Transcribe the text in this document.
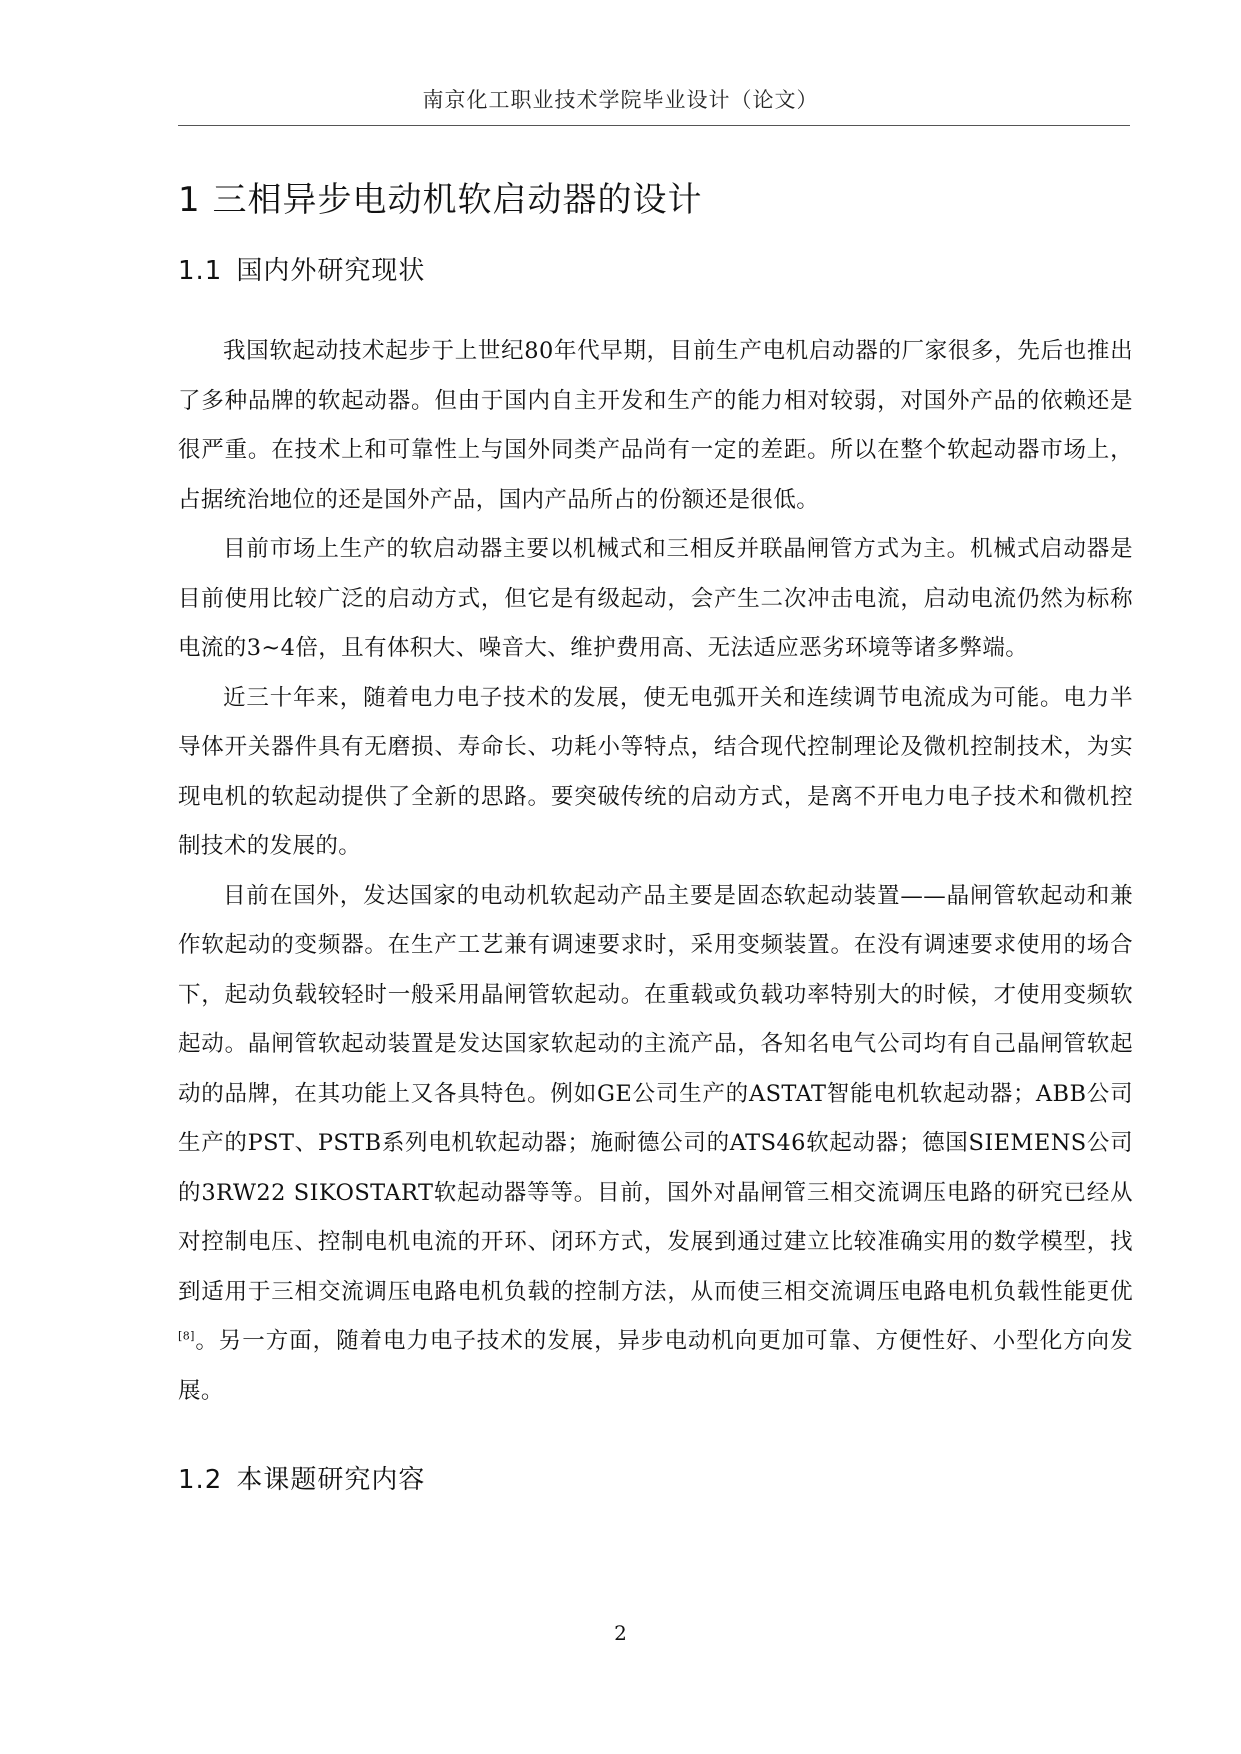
南京化工职业技术学院毕业设计（论文）
1 三相异步电动机软启动器的设计
1.1 国内外研究现状

我国软起动技术起步于上世纪80年代早期，目前生产电机启动器的厂家很多，先后也推出了多种品牌的软起动器。但由于国内自主开发和生产的能力相对较弱，对国外产品的依赖还是很严重。在技术上和可靠性上与国外同类产品尚有一定的差距。所以在整个软起动器市场上，占据统治地位的还是国外产品，国内产品所占的份额还是很低。

目前市场上生产的软启动器主要以机械式和三相反并联晶闸管方式为主。机械式启动器是目前使用比较广泛的启动方式，但它是有级起动，会产生二次冲击电流，启动电流仍然为标称电流的3~4倍，且有体积大、噪音大、维护费用高、无法适应恶劣环境等诸多弊端。

近三十年来，随着电力电子技术的发展，使无电弧开关和连续调节电流成为可能。电力半导体开关器件具有无磨损、寿命长、功耗小等特点，结合现代控制理论及微机控制技术，为实现电机的软起动提供了全新的思路。要突破传统的启动方式，是离不开电力电子技术和微机控制技术的发展的。

目前在国外，发达国家的电动机软起动产品主要是固态软起动装置——晶闸管软起动和兼作软起动的变频器。在生产工艺兼有调速要求时，采用变频装置。在没有调速要求使用的场合下，起动负载较轻时一般采用晶闸管软起动。在重载或负载功率特别大的时候，才使用变频软起动。晶闸管软起动装置是发达国家软起动的主流产品，各知名电气公司均有自己晶闸管软起动的品牌，在其功能上又各具特色。例如GE公司生产的ASTAT智能电机软起动器；ABB公司生产的PST、PSTB系列电机软起动器；施耐德公司的ATS46软起动器；德国SIEMENS公司的3RW22 SIKOSTART软起动器等等。目前，国外对晶闸管三相交流调压电路的研究已经从对控制电压、控制电机电流的开环、闭环方式，发展到通过建立比较准确实用的数学模型，找到适用于三相交流调压电路电机负载的控制方法，从而使三相交流调压电路电机负载性能更优[8]。另一方面，随着电力电子技术的发展，异步电动机向更加可靠、方便性好、小型化方向发展。

1.2 本课题研究内容
2
